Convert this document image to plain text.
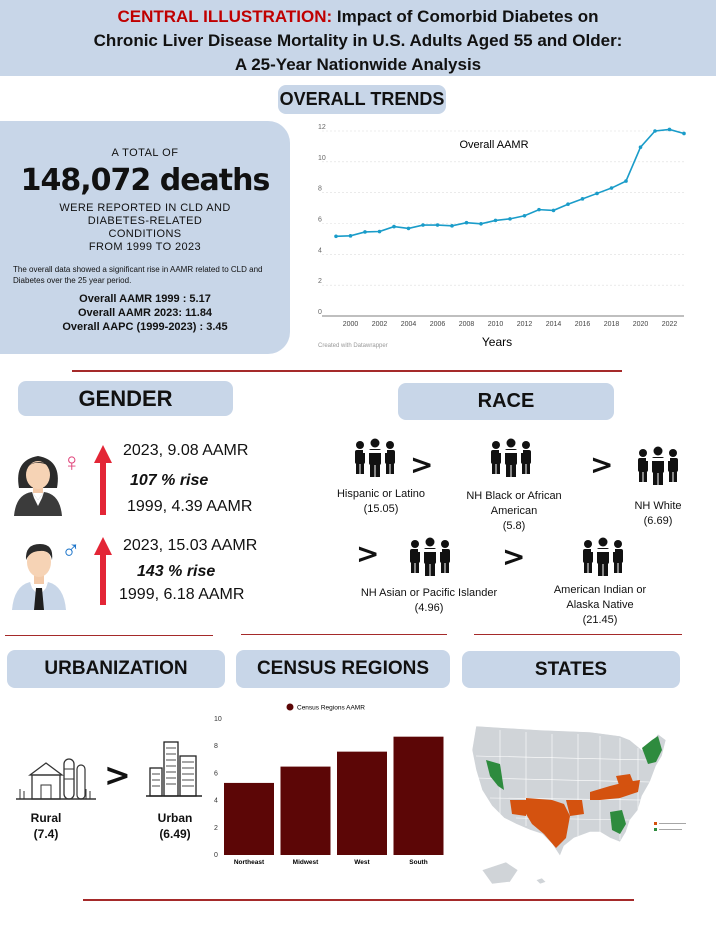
CENTRAL ILLUSTRATION: Impact of Comorbid Diabetes on
Chronic Liver Disease Mortality in U.S. Adults Aged 55 and Older:
A 25-Year Nationwide Analysis
OVERALL TRENDS
A TOTAL OF
148,072 deaths
WERE REPORTED IN CLD AND
DIABETES-RELATED
CONDITIONS
FROM 1999 TO 2023
The overall data showed a significant rise in AAMR related to CLD and Diabetes over the 25 year period.
Overall AAMR 1999 : 5.17
Overall AAMR 2023: 11.84
Overall AAPC (1999-2023) : 3.45
0
2
4
6
8
10
12
2000 2002 2004 2006 2008 2010 2012 2014 2016 2018 2020 2022
Overall AAMR
Years
Created with Datawrapper
GENDER
♀	2023, 9.08 AAMR
107 % rise
1999, 4.39 AAMR
♂	2023, 15.03 AAMR
143 % rise
1999, 6.18 AAMR
RACE
>	>
>	>
Hispanic or Latino
(15.05)
NH Black or African
American
(5.8)
NH White
(6.69)
NH Asian or Pacific Islander
(4.96)
American Indian or
Alaska Native
(21.45)
URBANIZATION
>
Rural
(7.4)
Urban
(6.49)
CENSUS REGIONS
Census Regions AAMR
0
2
4
6
8
10
Northeast	Midwest	West	South
STATES
